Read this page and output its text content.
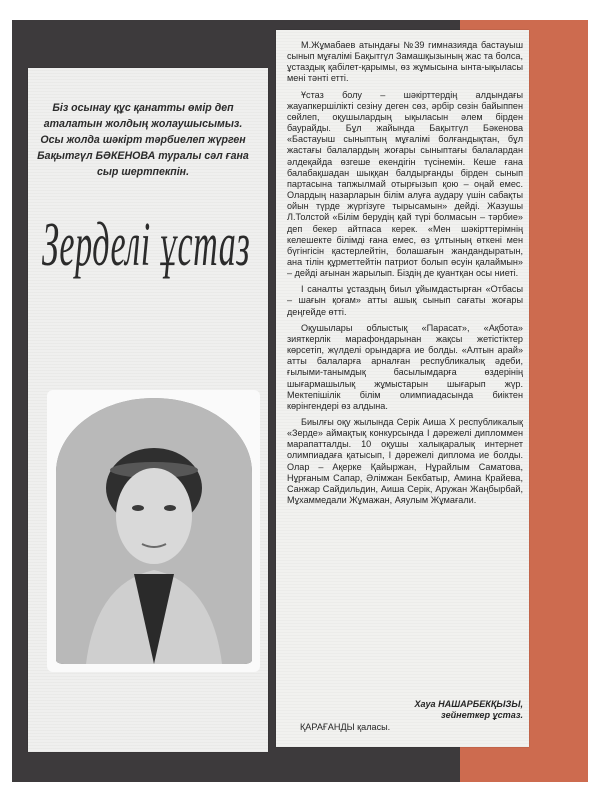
Біз осынау құс қанатты өмір деп аталатын жолдың жолаушысымыз. Осы жолда шәкірт тәрбиелеп жүрген Бақытгүл БӘКЕНОВА туралы сәл ғана сыр шертпекпін.

Зерделі ұстаз

М.Жұмабаев атындағы №39 гимназияда бастауыш сынып мұғалімі Бақытгүл Замашқызының жас та болса, ұстаздық қабілет-қарымы, өз жұмысына ынта-ықыласы мені тәнті етті.

Ұстаз болу – шәкірттердің алдындағы жауапкершілікті сезіну деген сөз, әрбір сөзін байыппен сөйлеп, оқушылардың ықыласын әлем бірден баурайды. Бұл жайында Бақытгүл Бәкенова «Бастауыш сыныптың мұғалімі болғандықтан, бұл жастағы балалардың жоғары сыныптағы балалардан әлдеқайда өзгеше екендігін түсінемін. Кеше ғана балабақшадан шыққан балдырғанды бірден сынып партасына тапжылмай отырғызып қою – оңай емес. Олардың назарларын білім алуға аудару үшін сабақты ойын түрде жүргізуге тырысамын» дейді. Жазушы Л.Толстой «Білім берудің қай түрі болмасын – тәрбие» деп бекер айтпаса керек. «Мен шәкірттерімнің келешекте білімді ғана емес, өз ұлтының өткені мен бүгінгісін қастерлейтін, болашағын жандандыратын, ана тілін құрметтейтін патриот болып өсуін қалаймын» – дейді ағынан жарылып. Біздің де қуантқан осы ниеті.

І саналты ұстаздың биыл ұйымдастырған «Отбасы – шағын қоғам» атты ашық сынып сағаты жоғары деңгейде өтті.

Оқушылары облыстық «Парасат», «Ақбота» зияткерлік марафондарынан жақсы жетістіктер көрсетіп, жүлделі орындарға ие болды. «Алтын арай» атты балаларға арналған республикалық әдеби, ғылыми-танымдық басылымдарға өздерінің шығармашылық жұмыстарын шығарып жүр. Мектепішілік білім олимпиадасында биіктен көрінгендері өз алдына.

Биылғы оқу жылында Серік Аиша Х республикалық «Зерде» аймақтық конкурсында І дәрежелі дипломмен марапатталды. 10 оқушы халықаралық интернет олимпиадаға қатысып, І дәрежелі диплома ие болды. Олар – Ақерке Қайыржан, Нұрайлым Саматова, Нұрғаным Сапар, Әлімжан Бекбатыр, Амина Крайева, Санжар Сайдильдин, Аиша Серік, Аружан Жаңбырбай, Мұхаммедали Жұмажан, Аяулым Жұмағали.

Хауа НАШАРБЕКҚЫЗЫ,
зейнеткер ұстаз.
ҚАРАҒАНДЫ қаласы.
